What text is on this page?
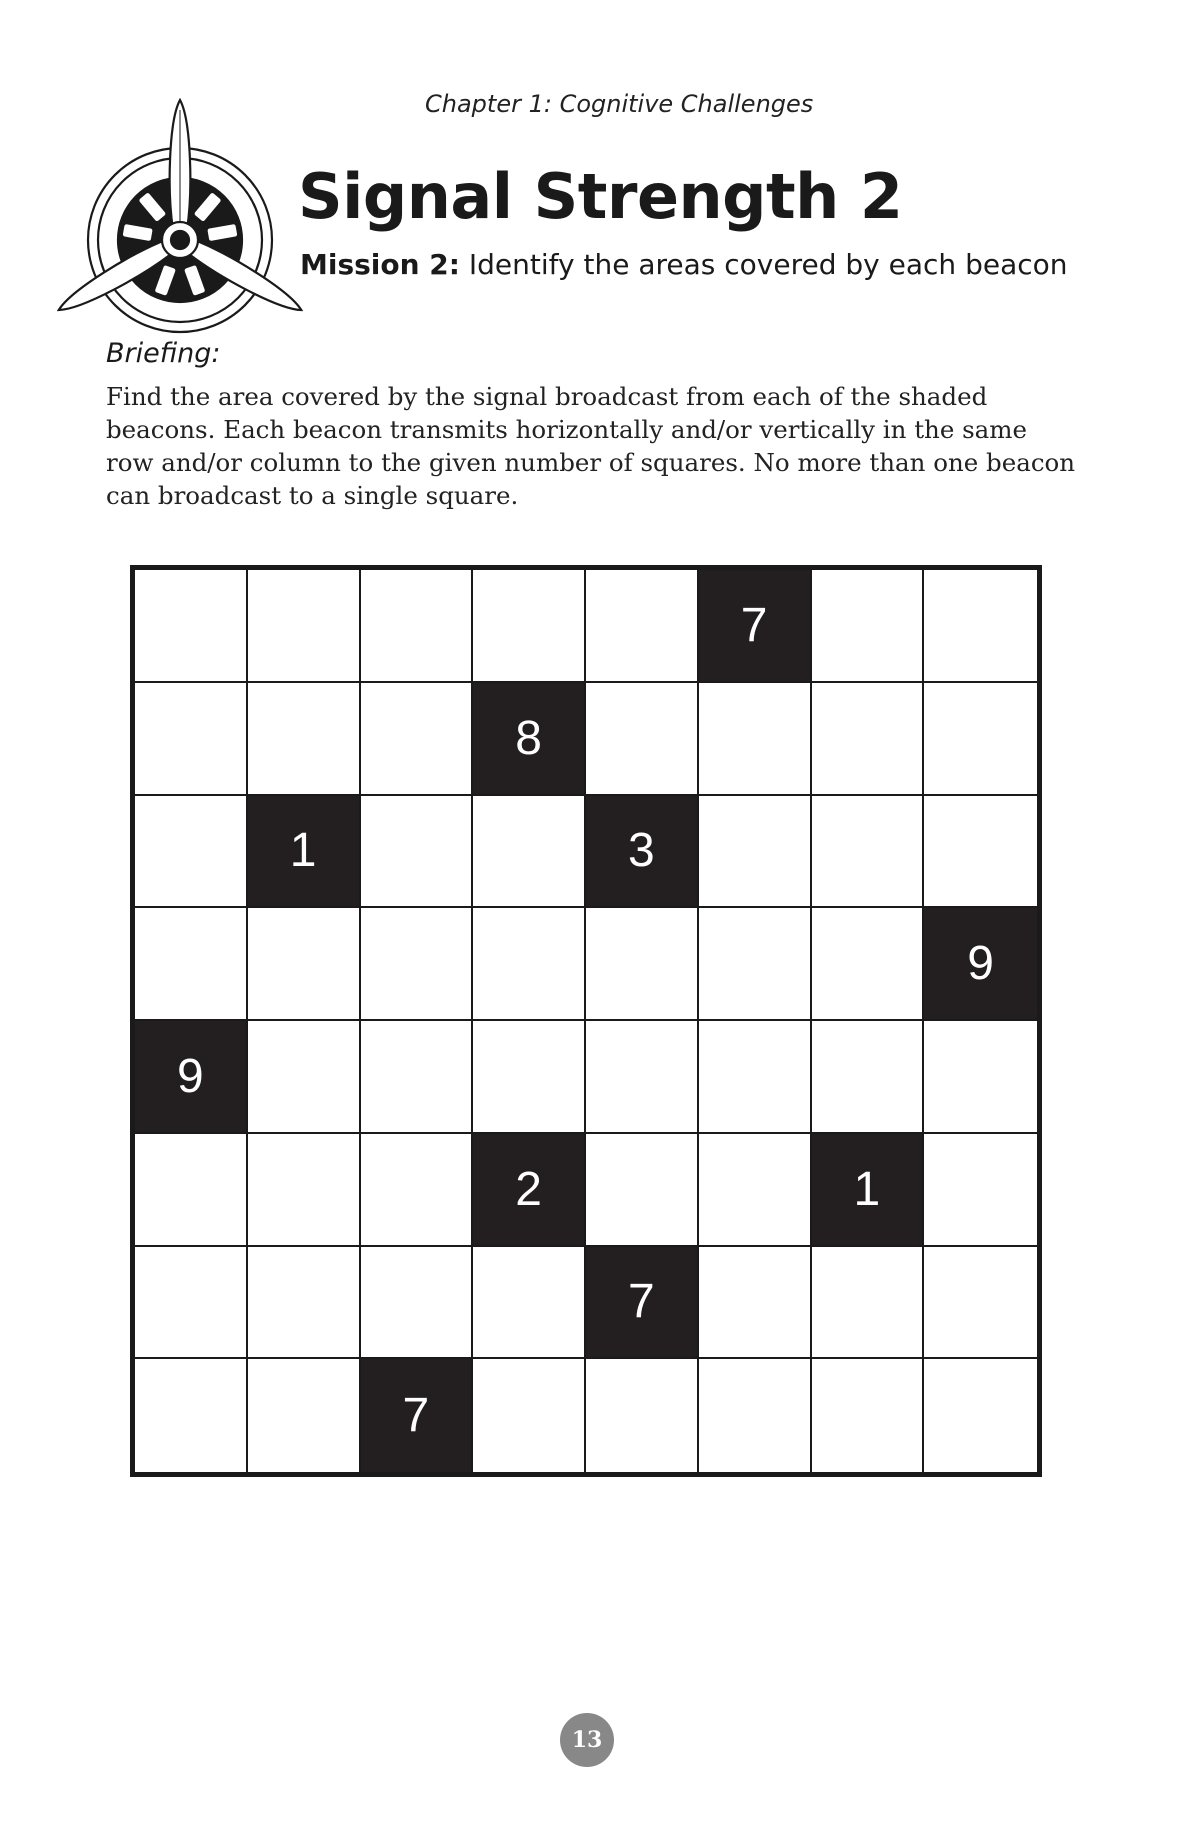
Chapter 1: Cognitive Challenges
Signal Strength 2
Mission 2: Identify the areas covered by each beacon
Briefing:
Find the area covered by the signal broadcast from each of the shaded beacons. Each beacon transmits horizontally and/or vertically in the same row and/or column to the given number of squares. No more than one beacon can broadcast to a single square.
7
8
1	3
9
9
2	1
7
7
13
